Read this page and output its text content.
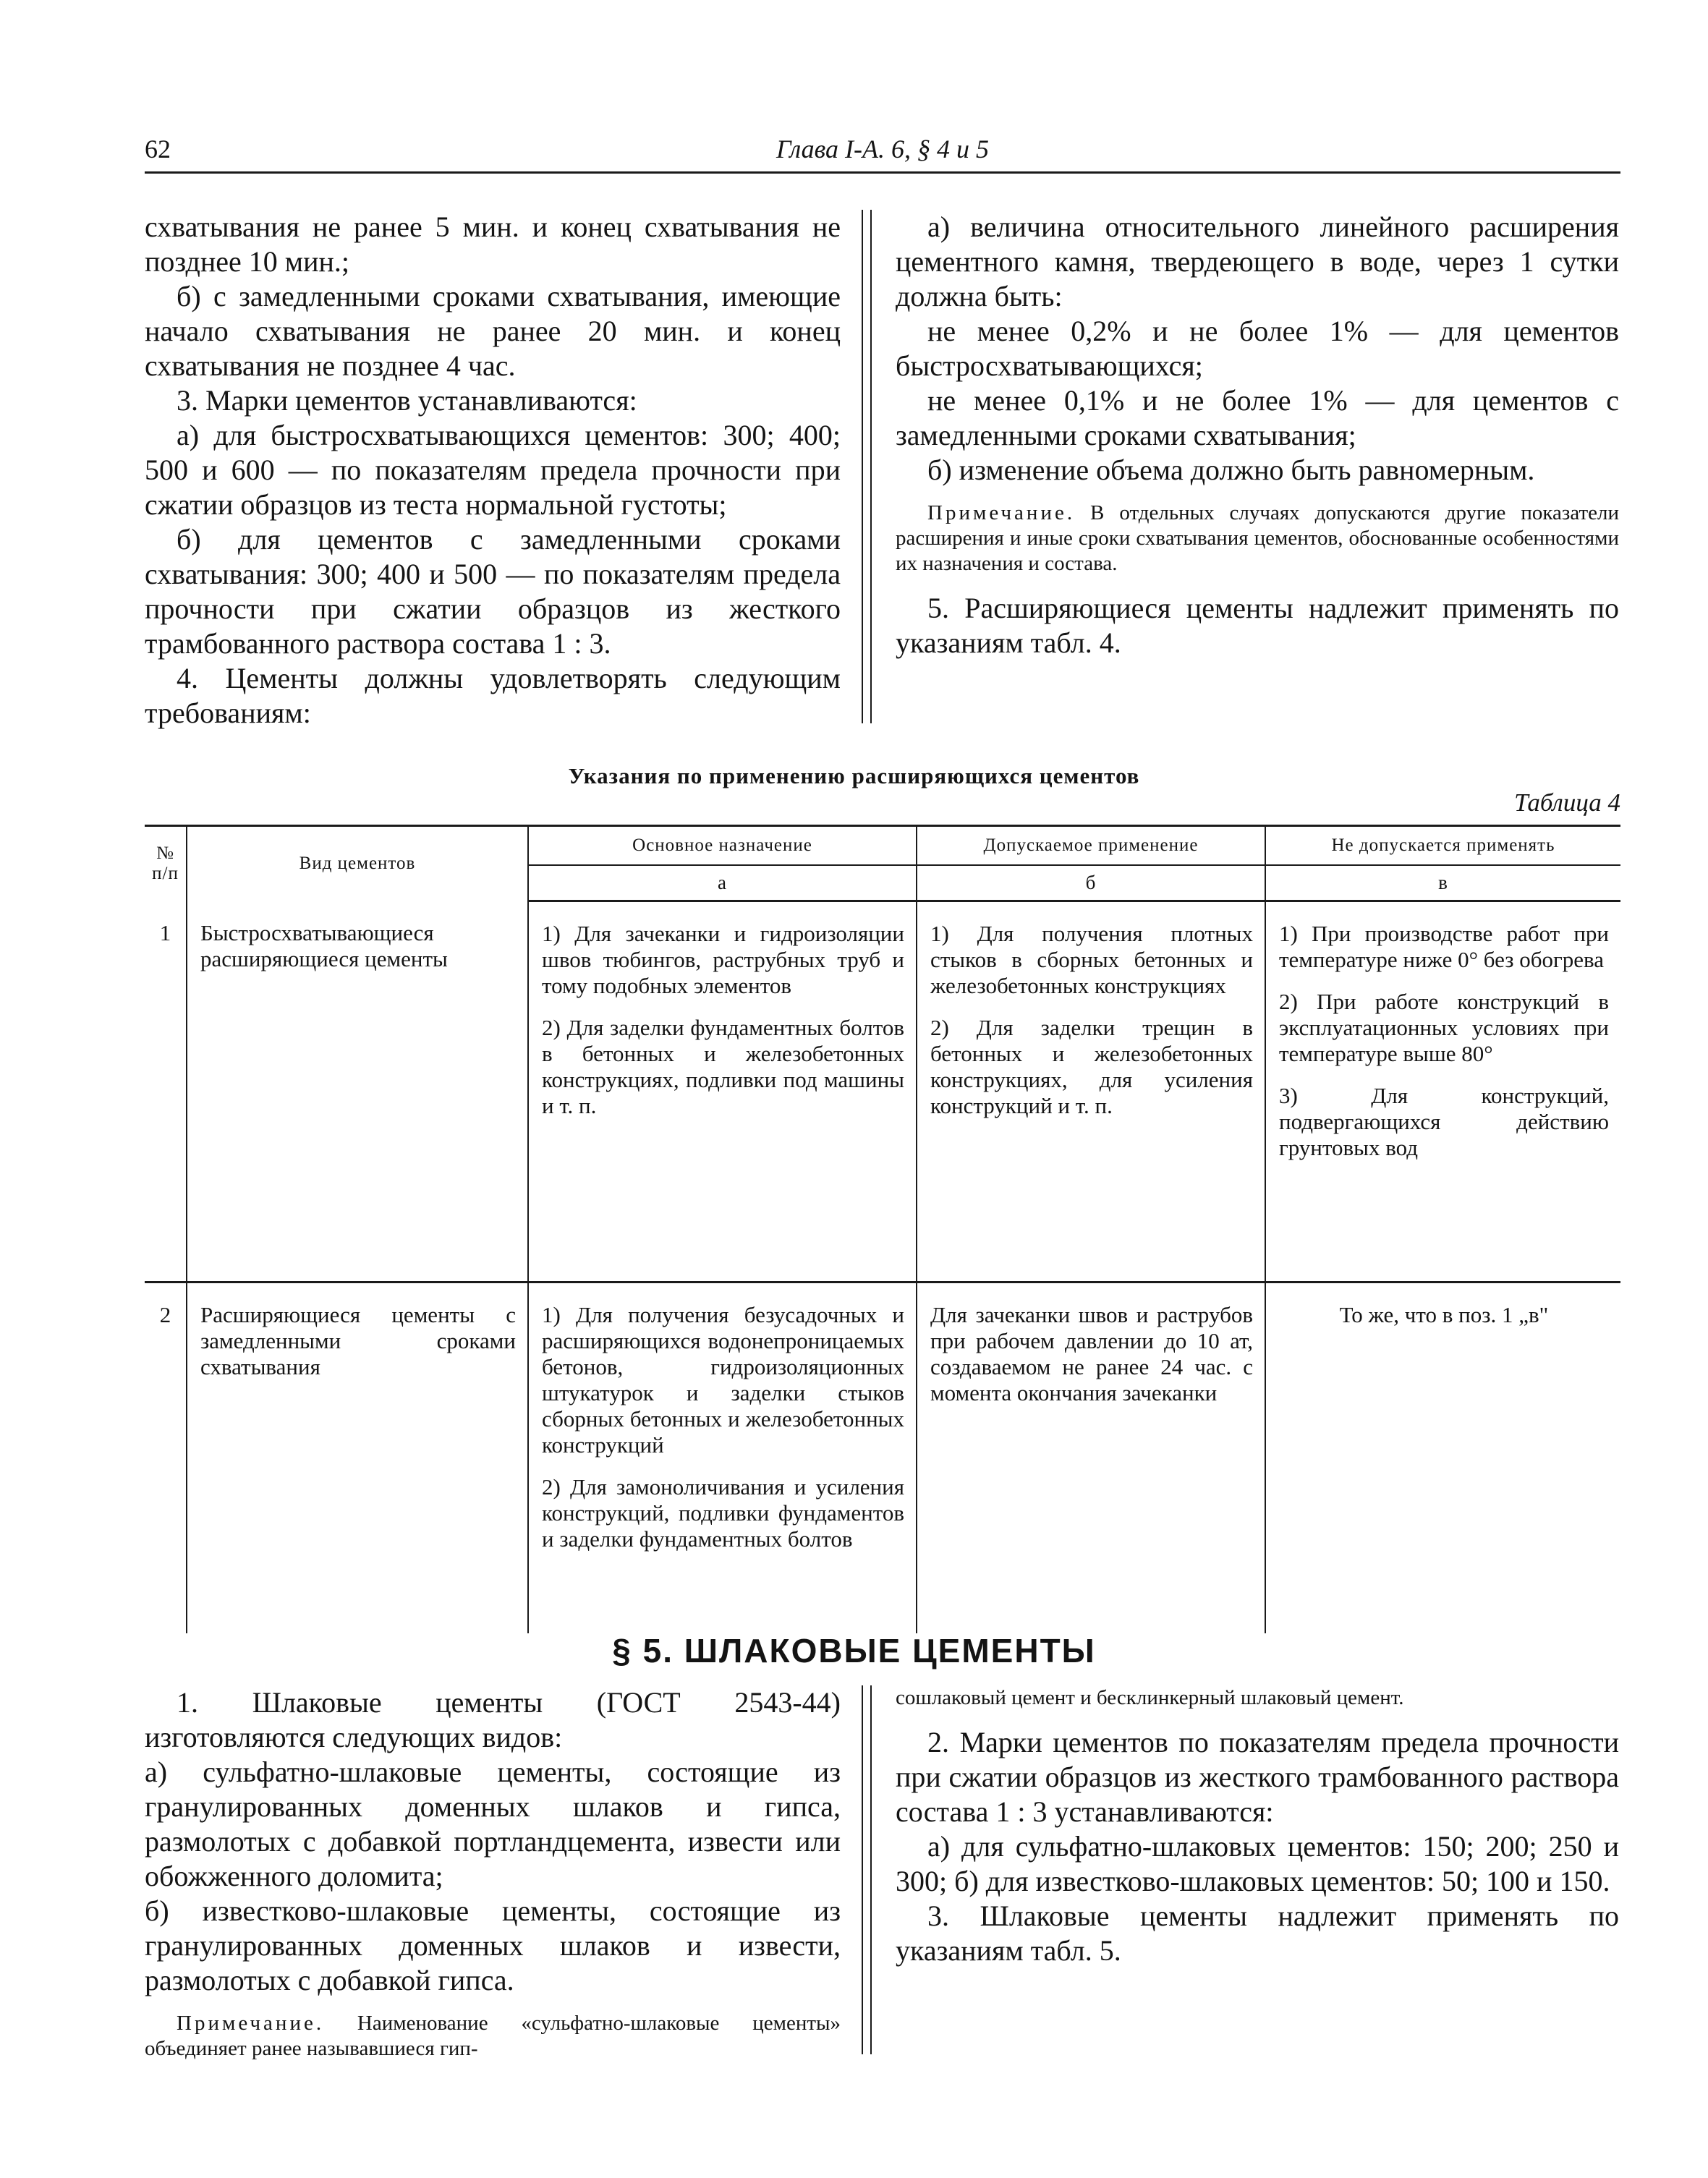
62	Глава I-А. 6, § 4 и 5

схватывания не ранее 5 мин. и конец схватывания не позднее 10 мин.;

б) с замедленными сроками схватывания, имеющие начало схватывания не ранее 20 мин. и конец схватывания не позднее 4 час.

3. Марки цементов устанавливаются:

а) для быстросхватывающихся цементов: 300; 400; 500 и 600 — по показателям предела прочности при сжатии образцов из теста нормальной густоты;

б) для цементов с замедленными сроками схватывания: 300; 400 и 500 — по показателям предела прочности при сжатии образцов из жесткого трамбованного раствора состава 1 : 3.

4. Цементы должны удовлетворять следующим требованиям:

а) величина относительного линейного расширения цементного камня, твердеющего в воде, через 1 сутки должна быть:

не менее 0,2% и не более 1% — для цементов быстросхватывающихся;

не менее 0,1% и не более 1% — для цементов с замедленными сроками схватывания;

б) изменение объема должно быть равномерным.

Примечание. В отдельных случаях допускаются другие показатели расширения и иные сроки схватывания цементов, обоснованные особенностями их назначения и состава.

5. Расширяющиеся цементы надлежит применять по указаниям табл. 4.

Указания по применению расширяющихся цементов
Таблица 4
№ п/п	Вид цементов	Основное назначение	Допускаемое применение	Не допускается применять
		а	б	в
1	Быстросхватывающиеся расширяющиеся цементы	1) Для зачеканки и гидроизоляции швов тюбингов, раструбных труб и тому подобных элементов
2) Для заделки фундаментных болтов в бетонных и железобетонных конструкциях, подливки под машины и т. п.	1) Для получения плотных стыков в сборных бетонных и железобетонных конструкциях
2) Для заделки трещин в бетонных и железобетонных конструкциях, для усиления конструкций и т. п.	1) При производстве работ при температуре ниже 0° без обогрева
2) При работе конструкций в эксплуатационных условиях при температуре выше 80°
3) Для конструкций, подвергающихся действию грунтовых вод

2	Расширяющиеся цементы с замедленными сроками схватывания	1) Для получения безусадочных и расширяющихся водонепроницаемых бетонов, гидроизоляционных штукатурок и заделки стыков сборных бетонных и железобетонных конструкций
2) Для замоноличивания и усиления конструкций, подливки фундаментов и заделки фундаментных болтов	Для зачеканки швов и раструбов при рабочем давлении до 10 ат, создаваемом не ранее 24 час. с момента окончания зачеканки	То же, что в поз. 1 „в"
§ 5. ШЛАКОВЫЕ ЦЕМЕНТЫ

1. Шлаковые цементы (ГОСТ 2543-44) изготовляются следующих видов:

а) сульфатно-шлаковые цементы, состоящие из гранулированных доменных шлаков и гипса, размолотых с добавкой портландцемента, извести или обожженного доломита;

б) известково-шлаковые цементы, состоящие из гранулированных доменных шлаков и извести, размолотых с добавкой гипса.

Примечание. Наименование «сульфатно-шлаковые цементы» объединяет ранее называвшиеся гип-

сошлаковый цемент и бесклинкерный шлаковый цемент.

2. Марки цементов по показателям предела прочности при сжатии образцов из жесткого трамбованного раствора состава 1 : 3 устанавливаются:

а) для сульфатно-шлаковых цементов: 150; 200; 250 и 300; б) для известково-шлаковых цементов: 50; 100 и 150.

3. Шлаковые цементы надлежит применять по указаниям табл. 5.
